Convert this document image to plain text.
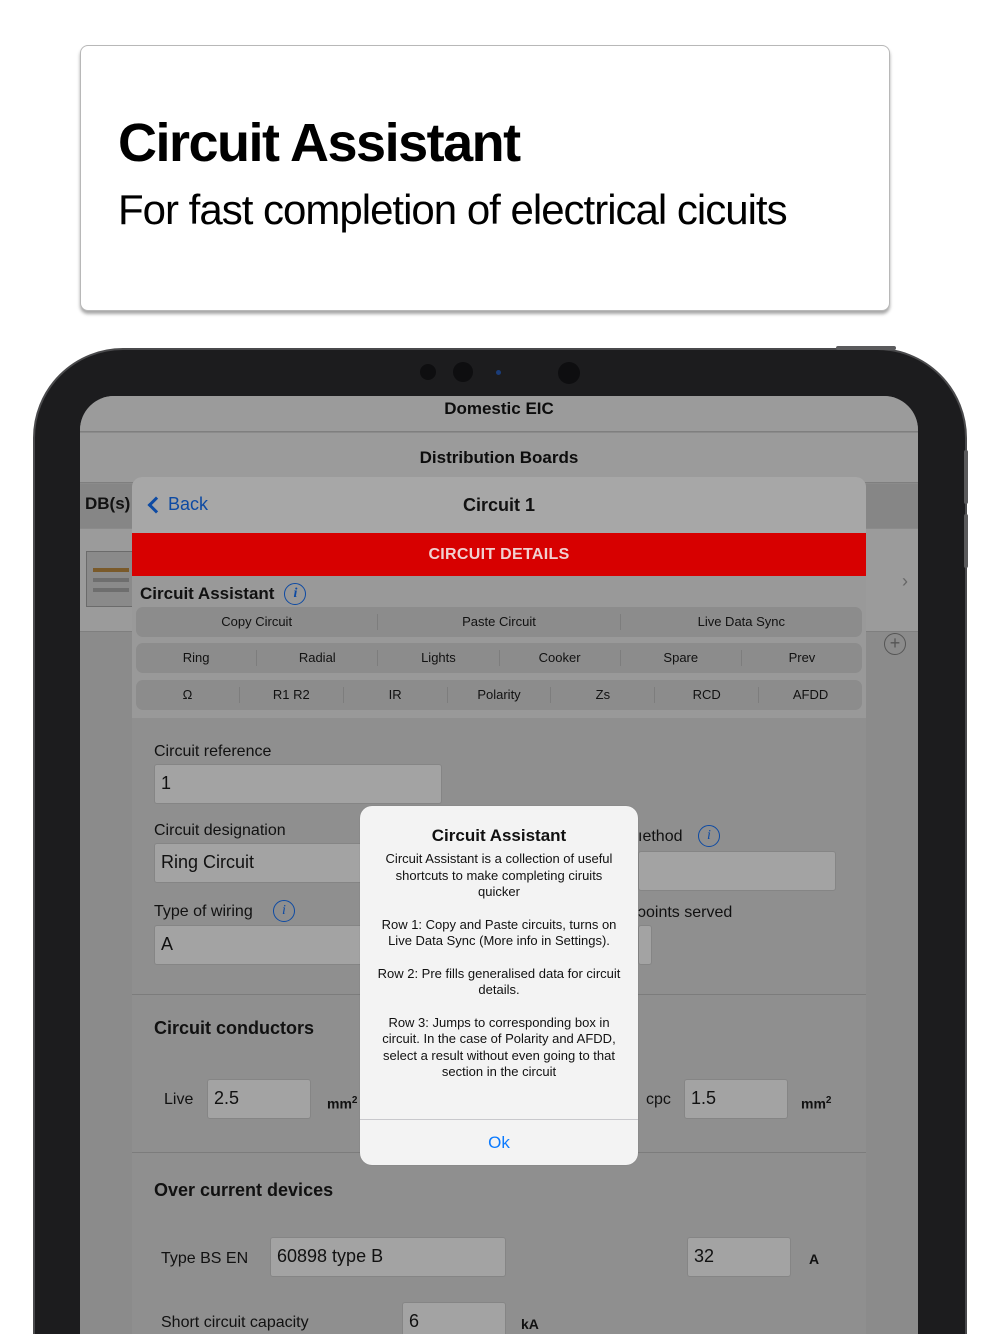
Circuit Assistant
For fast completion of electrical cicuits
Domestic EIC
Distribution Boards
DB(s)
›
+
Back	Circuit 1
CIRCUIT DETAILS
Circuit Assistant	i
Copy Circuit	Paste Circuit	Live Data Sync
Ring	Radial	Lights	Cooker	Spare	Prev
Ω	R1 R2	IR	Polarity	Zs	RCD	AFDD
Circuit reference
1
Circuit designation
Ring Circuit
ıethod	i
Type of wiring	i
A
ɔoints served
Circuit conductors
Live	2.5	$mm^2$	cpc	1.5	$mm^2$
Over current devices
Type BS EN	60898 type B	32	A
Short circuit capacity	6	kA
Circuit Assistant

Circuit Assistant is a collection of useful shortcuts to make completing ciruits quicker

Row 1: Copy and Paste circuits, turns on Live Data Sync (More info in Settings).

Row 2: Pre fills generalised data for circuit details.

Row 3: Jumps to corresponding box in circuit. In the case of Polarity and AFDD, select a result without even going to that section in the circuit

Ok
